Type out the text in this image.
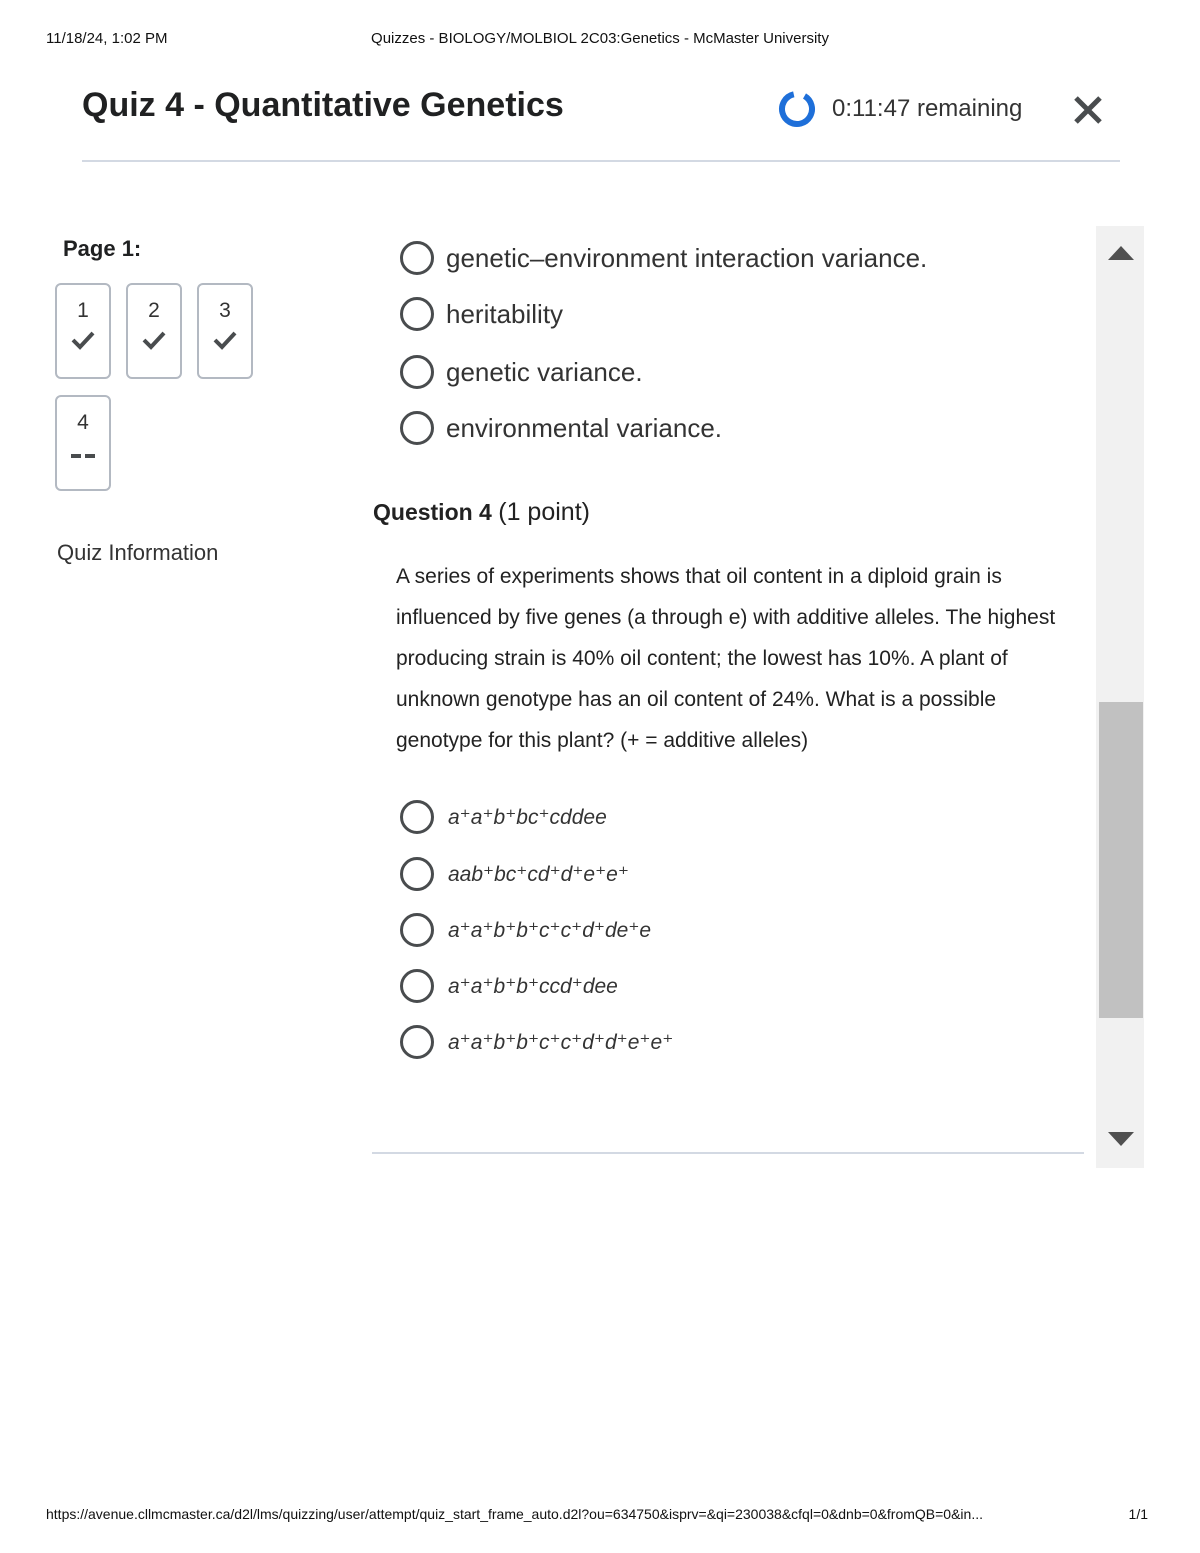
11/18/24, 1:02 PM	Quizzes - BIOLOGY/MOLBIOL 2C03:Genetics - McMaster University
Quiz 4 - Quantitative Genetics	0:11:47 remaining
Page 1:
1	2	3
4
Quiz Information
genetic–environment interaction variance.
heritability
genetic variance.
environmental variance.
Question 4 (1 point)
A series of experiments shows that oil content in a diploid grain is influenced by five genes (a through e) with additive alleles. The highest producing strain is 40% oil content; the lowest has 10%. A plant of unknown genotype has an oil content of 24%. What is a possible genotype for this plant? (+ = additive alleles)
a⁺a⁺b⁺bc⁺cddee
aab⁺bc⁺cd⁺d⁺e⁺e⁺
a⁺a⁺b⁺b⁺c⁺c⁺d⁺de⁺e
a⁺a⁺b⁺b⁺ccd⁺dee
a⁺a⁺b⁺b⁺c⁺c⁺d⁺d⁺e⁺e⁺
https://avenue.cllmcmaster.ca/d2l/lms/quizzing/user/attempt/quiz_start_frame_auto.d2l?ou=634750&isprv=&qi=230038&cfql=0&dnb=0&fromQB=0&in...	1/1
